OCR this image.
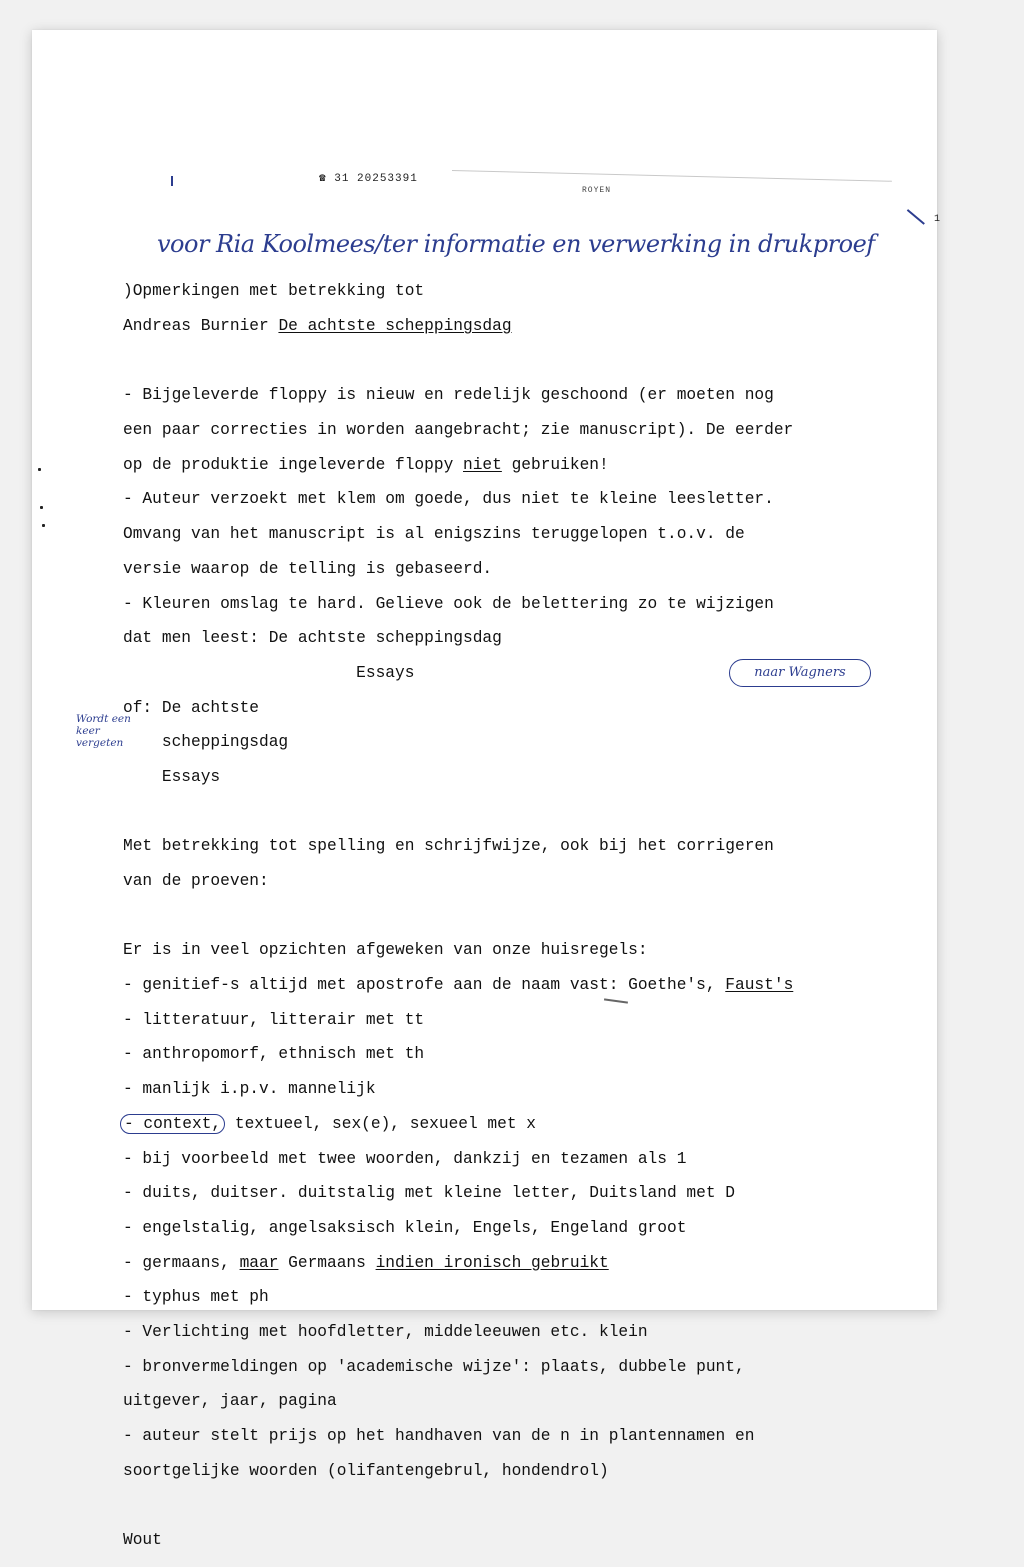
☎ 31 20253391
ROYEN
1
voor Ria Koolmees/ter informatie en verwerking in drukproef
naar Wagners
Wordt een keer vergeten

)Opmerkingen met betrekking tot

Andreas Burnier De achtste scheppingsdag

- Bijgeleverde floppy is nieuw en redelijk geschoond (er moeten nog

een paar correcties in worden aangebracht; zie manuscript). De eerder

op de produktie ingeleverde floppy niet gebruiken!

- Auteur verzoekt met klem om goede, dus niet te kleine leesletter.

Omvang van het manuscript is al enigszins teruggelopen t.o.v. de

versie waarop de telling is gebaseerd.

- Kleuren omslag te hard. Gelieve ook de belettering zo te wijzigen

dat men leest: De achtste scheppingsdag

Essays

of: De achtste

scheppingsdag

Essays

Met betrekking tot spelling en schrijfwijze, ook bij het corrigeren

van de proeven:

Er is in veel opzichten afgeweken van onze huisregels:

- genitief-s altijd met apostrofe aan de naam vast: Goethe's, Faust's

- litteratuur, litterair met tt

- anthropomorf, ethnisch met th

- manlijk i.p.v. mannelijk

- context, textueel, sex(e), sexueel met x

- bij voorbeeld met twee woorden, dankzij en tezamen als 1

- duits, duitser. duitstalig met kleine letter, Duitsland met D

- engelstalig, angelsaksisch klein, Engels, Engeland groot

- germaans, maar Germaans indien ironisch gebruikt

- typhus met ph

- Verlichting met hoofdletter, middeleeuwen etc. klein

- bronvermeldingen op 'academische wijze': plaats, dubbele punt,

uitgever, jaar, pagina

- auteur stelt prijs op het handhaven van de n in plantennamen en

soortgelijke woorden (olifantengebrul, hondendrol)

Wout
